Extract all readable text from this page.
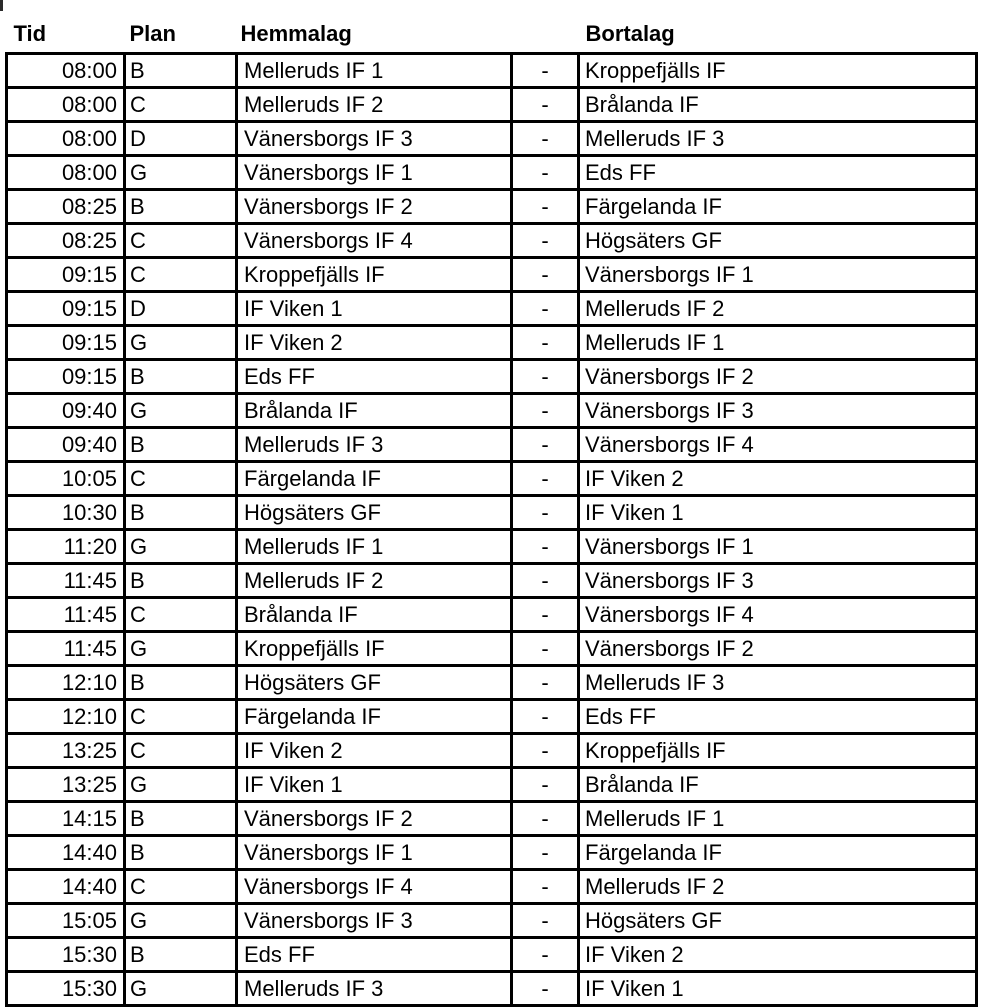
Tid	Plan	Hemmalag		Bortalag
08:00	B	Melleruds IF 1	-	Kroppefjälls IF
08:00	C	Melleruds IF 2	-	Brålanda IF
08:00	D	Vänersborgs IF 3	-	Melleruds IF 3
08:00	G	Vänersborgs IF 1	-	Eds FF
08:25	B	Vänersborgs IF 2	-	Färgelanda IF
08:25	C	Vänersborgs IF 4	-	Högsäters GF
09:15	C	Kroppefjälls IF	-	Vänersborgs IF 1
09:15	D	IF Viken 1	-	Melleruds IF 2
09:15	G	IF Viken 2	-	Melleruds IF 1
09:15	B	Eds FF	-	Vänersborgs IF 2
09:40	G	Brålanda IF	-	Vänersborgs IF 3
09:40	B	Melleruds IF 3	-	Vänersborgs IF 4
10:05	C	Färgelanda IF	-	IF Viken 2
10:30	B	Högsäters GF	-	IF Viken 1
11:20	G	Melleruds IF 1	-	Vänersborgs IF 1
11:45	B	Melleruds IF 2	-	Vänersborgs IF 3
11:45	C	Brålanda IF	-	Vänersborgs IF 4
11:45	G	Kroppefjälls IF	-	Vänersborgs IF 2
12:10	B	Högsäters GF	-	Melleruds IF 3
12:10	C	Färgelanda IF	-	Eds FF
13:25	C	IF Viken 2	-	Kroppefjälls IF
13:25	G	IF Viken 1	-	Brålanda IF
14:15	B	Vänersborgs IF 2	-	Melleruds IF 1
14:40	B	Vänersborgs IF 1	-	Färgelanda IF
14:40	C	Vänersborgs IF 4	-	Melleruds IF 2
15:05	G	Vänersborgs IF 3	-	Högsäters GF
15:30	B	Eds FF	-	IF Viken 2
15:30	G	Melleruds IF 3	-	IF Viken 1
